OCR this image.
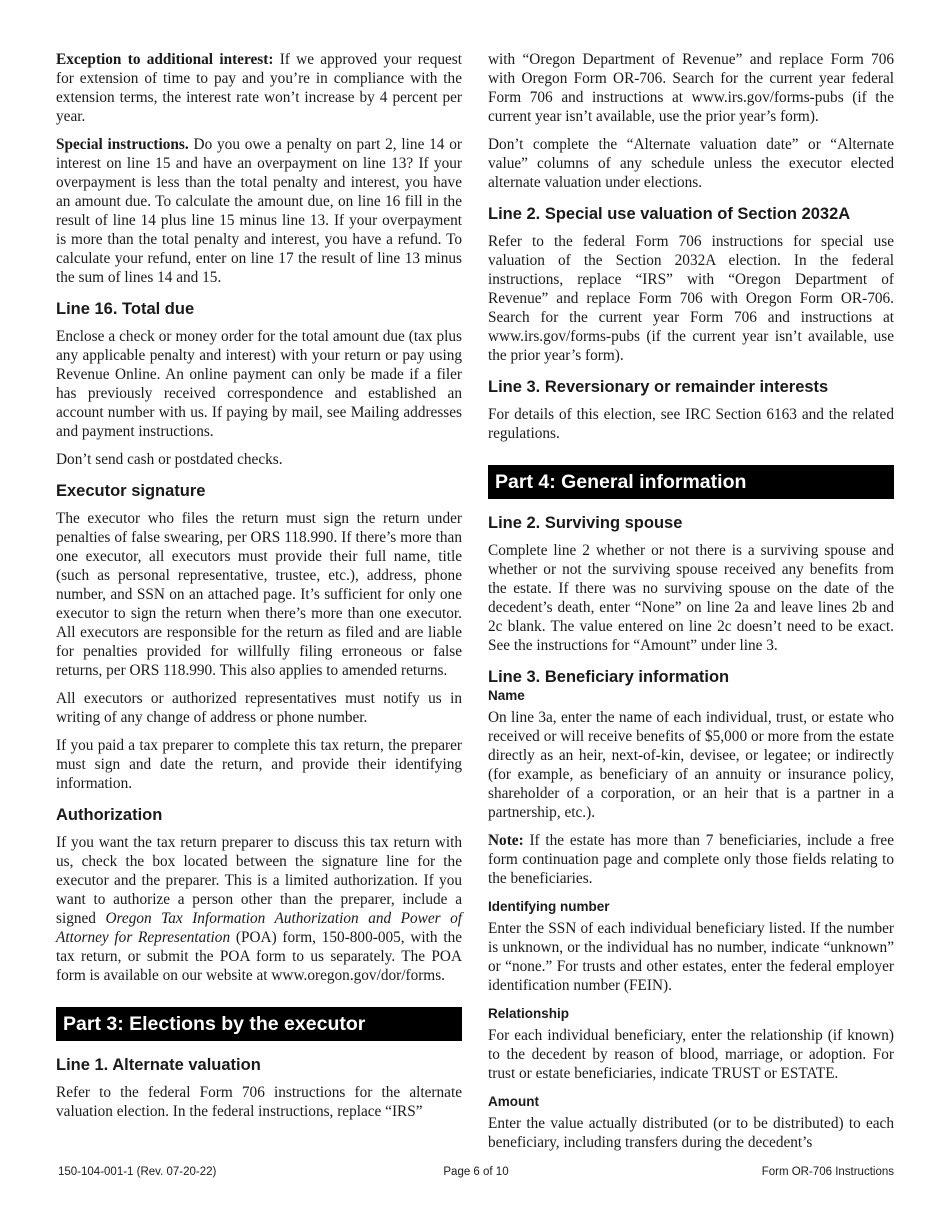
Exception to additional interest: If we approved your request for extension of time to pay and you’re in compliance with the extension terms, the interest rate won’t increase by 4 percent per year.

Special instructions. Do you owe a penalty on part 2, line 14 or interest on line 15 and have an overpayment on line 13? If your overpayment is less than the total penalty and interest, you have an amount due. To calculate the amount due, on line 16 fill in the result of line 14 plus line 15 minus line 13. If your overpayment is more than the total penalty and interest, you have a refund. To calculate your refund, enter on line 17 the result of line 13 minus the sum of lines 14 and 15.

Line 16. Total due

Enclose a check or money order for the total amount due (tax plus any applicable penalty and interest) with your return or pay using Revenue Online. An online payment can only be made if a filer has previously received correspondence and established an account number with us. If paying by mail, see Mailing addresses and payment instructions.

Don’t send cash or postdated checks.

Executor signature

The executor who files the return must sign the return under penalties of false swearing, per ORS 118.990. If there’s more than one executor, all executors must provide their full name, title (such as personal representative, trustee, etc.), address, phone number, and SSN on an attached page. It’s sufficient for only one executor to sign the return when there’s more than one executor. All executors are responsible for the return as filed and are liable for penalties provided for willfully filing erroneous or false returns, per ORS 118.990. This also applies to amended returns.

All executors or authorized representatives must notify us in writing of any change of address or phone number.

If you paid a tax preparer to complete this tax return, the preparer must sign and date the return, and provide their identifying information.

Authorization

If you want the tax return preparer to discuss this tax return with us, check the box located between the signature line for the executor and the preparer. This is a limited authorization. If you want to authorize a person other than the preparer, include a signed Oregon Tax Information Authorization and Power of Attorney for Representation (POA) form, 150-800-005, with the tax return, or submit the POA form to us separately. The POA form is available on our website at www.oregon.gov/dor/forms.

Part 3: Elections by the executor
Line 1. Alternate valuation

Refer to the federal Form 706 instructions for the alternate valuation election. In the federal instructions, replace “IRS”

with “Oregon Department of Revenue” and replace Form 706 with Oregon Form OR-706. Search for the current year federal Form 706 and instructions at www.irs.gov/forms-pubs (if the current year isn’t available, use the prior year’s form).

Don’t complete the “Alternate valuation date” or “Alternate value” columns of any schedule unless the executor elected alternate valuation under elections.

Line 2. Special use valuation of Section 2032A

Refer to the federal Form 706 instructions for special use valuation of the Section 2032A election. In the federal instructions, replace “IRS” with “Oregon Department of Revenue” and replace Form 706 with Oregon Form OR-706. Search for the current year Form 706 and instructions at www.irs.gov/forms-pubs (if the current year isn’t available, use the prior year’s form).

Line 3. Reversionary or remainder interests

For details of this election, see IRC Section 6163 and the related regulations.

Part 4: General information
Line 2. Surviving spouse

Complete line 2 whether or not there is a surviving spouse and whether or not the surviving spouse received any benefits from the estate. If there was no surviving spouse on the date of the decedent’s death, enter “None” on line 2a and leave lines 2b and 2c blank. The value entered on line 2c doesn’t need to be exact. See the instructions for “Amount” under line 3.

Line 3. Beneficiary information
Name

On line 3a, enter the name of each individual, trust, or estate who received or will receive benefits of $5,000 or more from the estate directly as an heir, next-of-kin, devisee, or legatee; or indirectly (for example, as beneficiary of an annuity or insurance policy, shareholder of a corporation, or an heir that is a partner in a partnership, etc.).

Note: If the estate has more than 7 beneficiaries, include a free form continuation page and complete only those fields relating to the beneficiaries.

Identifying number

Enter the SSN of each individual beneficiary listed. If the number is unknown, or the individual has no number, indicate “unknown” or “none.” For trusts and other estates, enter the federal employer identification number (FEIN).

Relationship

For each individual beneficiary, enter the relationship (if known) to the decedent by reason of blood, marriage, or adoption. For trust or estate beneficiaries, indicate TRUST or ESTATE.

Amount

Enter the value actually distributed (or to be distributed) to each beneficiary, including transfers during the decedent’s

150-104-001-1 (Rev. 07-20-22)	Page 6 of 10	Form OR-706 Instructions
